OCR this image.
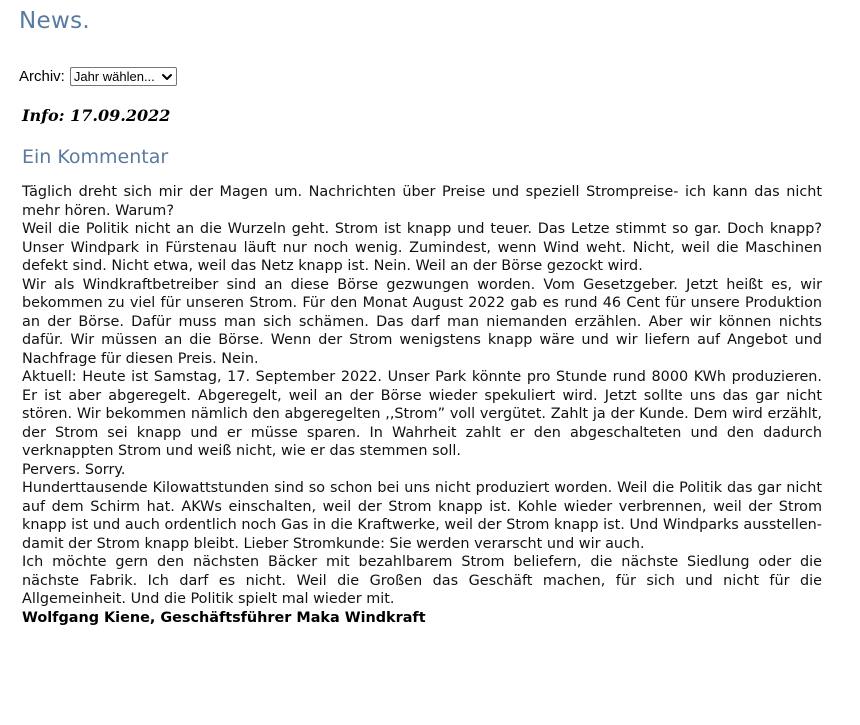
News.
Archiv: Jahr wählen...
Info: 17.09.2022
Ein Kommentar

Täglich dreht sich mir der Magen um. Nachrichten über Preise und speziell Strompreise- ich kann das nicht mehr hören. Warum?

Weil die Politik nicht an die Wurzeln geht. Strom ist knapp und teuer. Das Letze stimmt so gar. Doch knapp? Unser Windpark in Fürstenau läuft nur noch wenig. Zumindest, wenn Wind weht. Nicht, weil die Maschinen defekt sind. Nicht etwa, weil das Netz knapp ist. Nein. Weil an der Börse gezockt wird.

Wir als Windkraftbetreiber sind an diese Börse gezwungen worden. Vom Gesetzgeber. Jetzt heißt es, wir bekommen zu viel für unseren Strom. Für den Monat August 2022 gab es rund 46 Cent für unsere Produktion an der Börse. Dafür muss man sich schämen. Das darf man niemanden erzählen. Aber wir können nichts dafür. Wir müssen an die Börse. Wenn der Strom wenigstens knapp wäre und wir liefern auf Angebot und Nachfrage für diesen Preis. Nein.

Aktuell: Heute ist Samstag, 17. September 2022. Unser Park könnte pro Stunde rund 8000 KWh produzieren. Er ist aber abgeregelt. Abgeregelt, weil an der Börse wieder spekuliert wird. Jetzt sollte uns das gar nicht stören. Wir bekommen nämlich den abgeregelten ,,Strom” voll vergütet. Zahlt ja der Kunde. Dem wird erzählt, der Strom sei knapp und er müsse sparen. In Wahrheit zahlt er den abgeschalteten und den dadurch verknappten Strom und weiß nicht, wie er das stemmen soll.

Pervers. Sorry.

Hunderttausende Kilowattstunden sind so schon bei uns nicht produziert worden. Weil die Politik das gar nicht auf dem Schirm hat. AKWs einschalten, weil der Strom knapp ist. Kohle wieder verbrennen, weil der Strom knapp ist und auch ordentlich noch Gas in die Kraftwerke, weil der Strom knapp ist. Und Windparks ausstellen- damit der Strom knapp bleibt. Lieber Stromkunde: Sie werden verarscht und wir auch.

Ich möchte gern den nächsten Bäcker mit bezahlbarem Strom beliefern, die nächste Siedlung oder die nächste Fabrik. Ich darf es nicht. Weil die Großen das Geschäft machen, für sich und nicht für die Allgemeinheit. Und die Politik spielt mal wieder mit.

Wolfgang Kiene, Geschäftsführer Maka Windkraft
